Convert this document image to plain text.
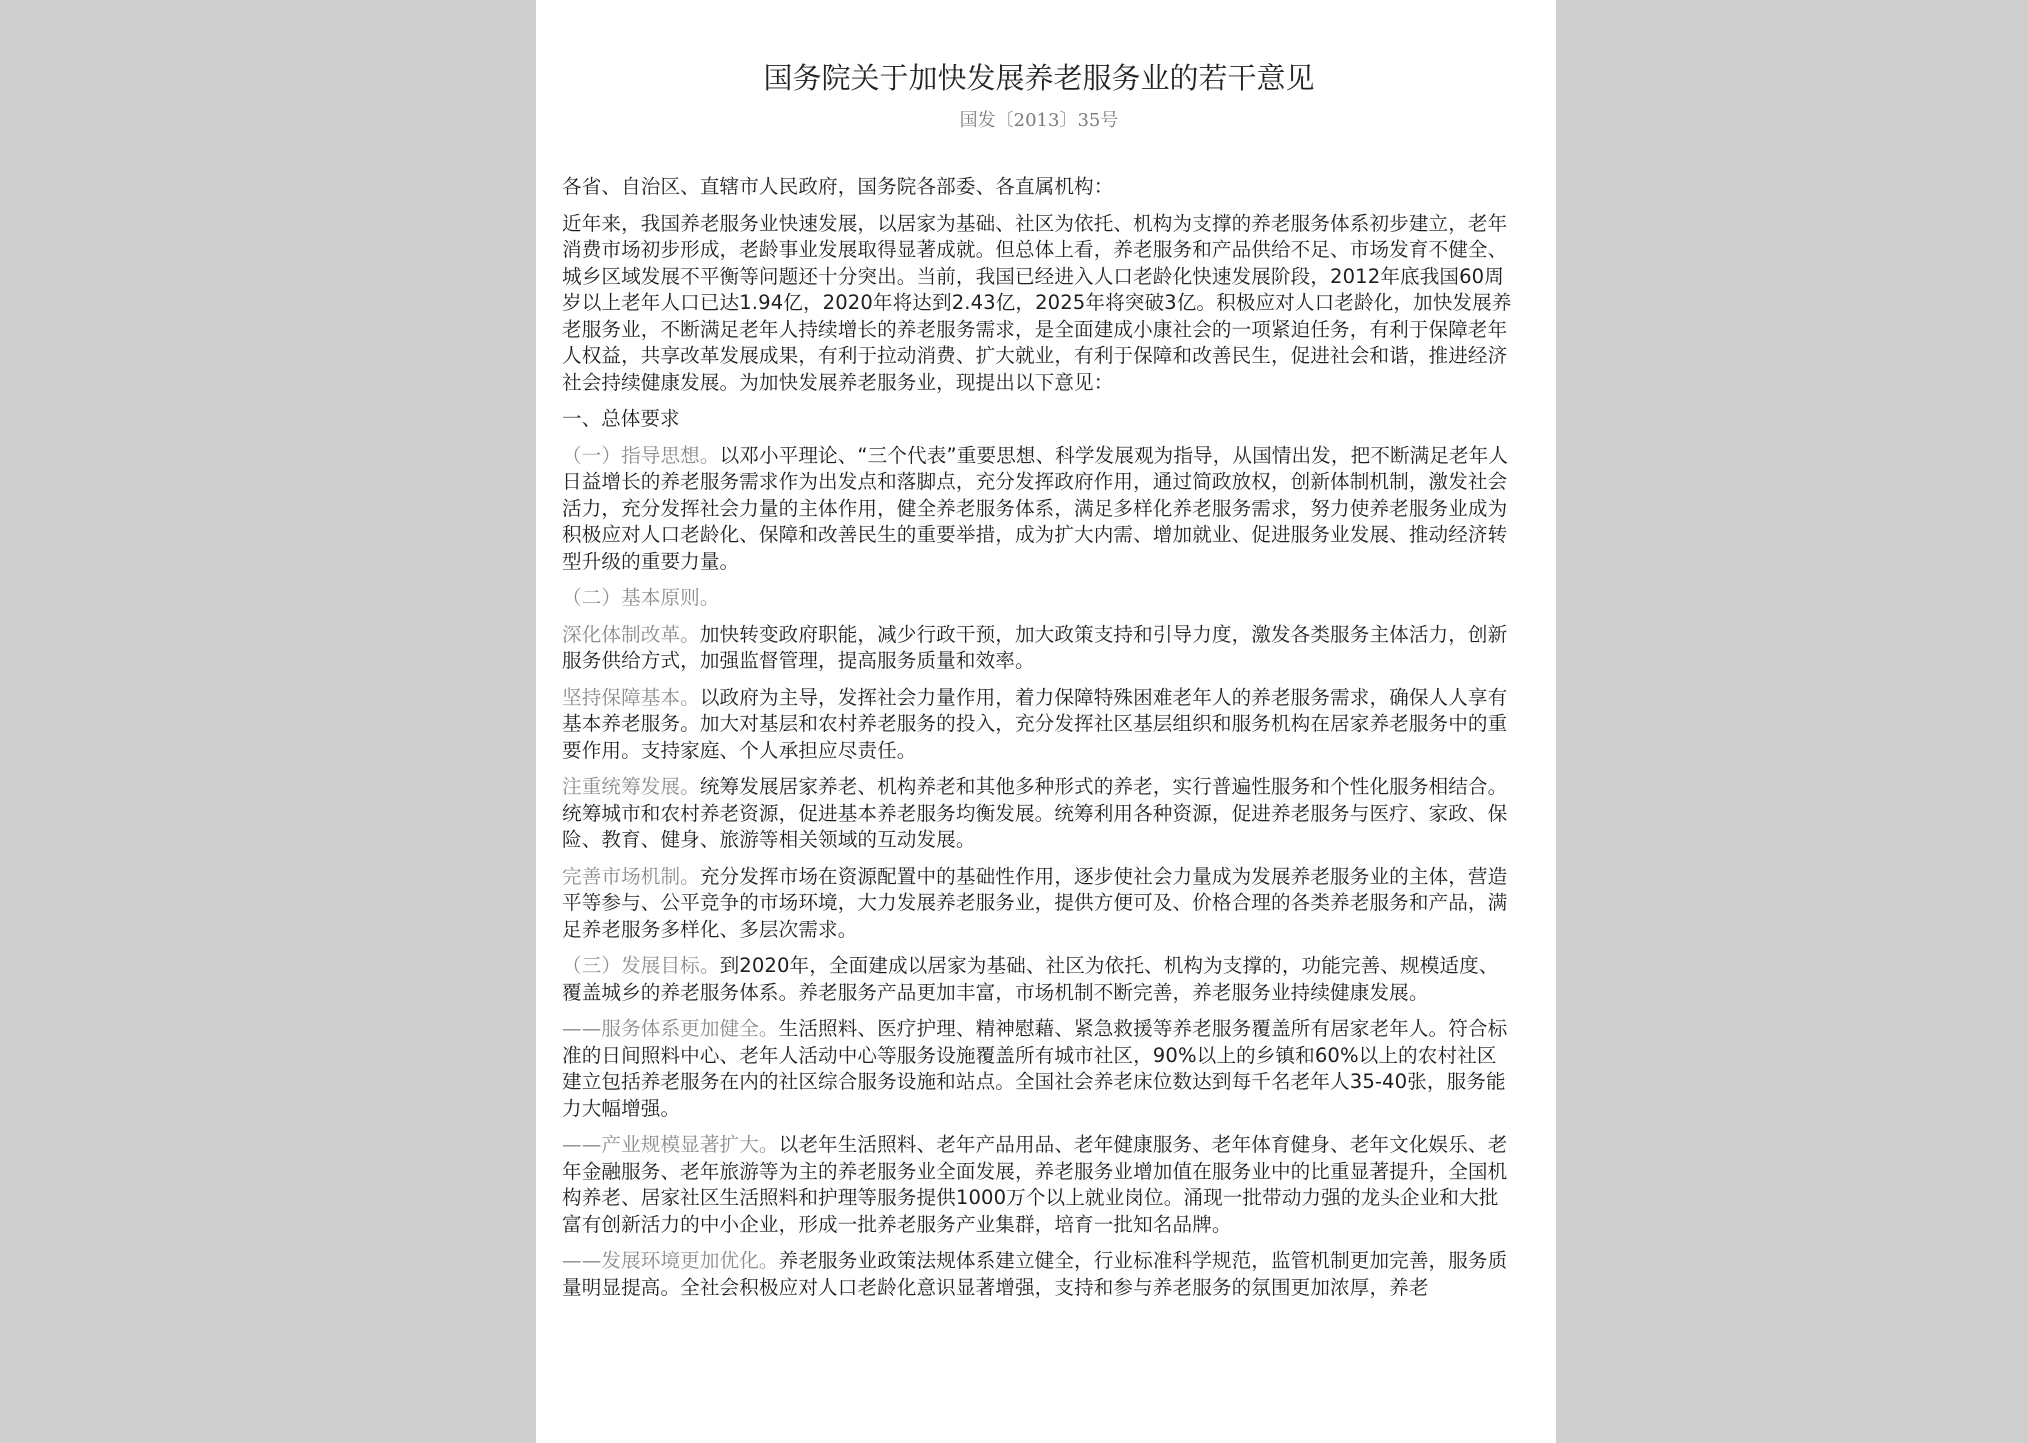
国务院关于加快发展养老服务业的若干意见
国发〔2013〕35号

各省、自治区、直辖市人民政府，国务院各部委、各直属机构：

近年来，我国养老服务业快速发展，以居家为基础、社区为依托、机构为支撑的养老服务体系初步建立，老年消费市场初步形成，老龄事业发展取得显著成就。但总体上看，养老服务和产品供给不足、市场发育不健全、城乡区域发展不平衡等问题还十分突出。当前，我国已经进入人口老龄化快速发展阶段，2012年底我国60周岁以上老年人口已达1.94亿，2020年将达到2.43亿，2025年将突破3亿。积极应对人口老龄化，加快发展养老服务业，不断满足老年人持续增长的养老服务需求，是全面建成小康社会的一项紧迫任务，有利于保障老年人权益，共享改革发展成果，有利于拉动消费、扩大就业，有利于保障和改善民生，促进社会和谐，推进经济社会持续健康发展。为加快发展养老服务业，现提出以下意见：

一、总体要求

（一）指导思想。以邓小平理论、“三个代表”重要思想、科学发展观为指导，从国情出发，把不断满足老年人日益增长的养老服务需求作为出发点和落脚点，充分发挥政府作用，通过简政放权，创新体制机制，激发社会活力，充分发挥社会力量的主体作用，健全养老服务体系，满足多样化养老服务需求，努力使养老服务业成为积极应对人口老龄化、保障和改善民生的重要举措，成为扩大内需、增加就业、促进服务业发展、推动经济转型升级的重要力量。

（二）基本原则。

深化体制改革。加快转变政府职能，减少行政干预，加大政策支持和引导力度，激发各类服务主体活力，创新服务供给方式，加强监督管理，提高服务质量和效率。

坚持保障基本。以政府为主导，发挥社会力量作用，着力保障特殊困难老年人的养老服务需求，确保人人享有基本养老服务。加大对基层和农村养老服务的投入，充分发挥社区基层组织和服务机构在居家养老服务中的重要作用。支持家庭、个人承担应尽责任。

注重统筹发展。统筹发展居家养老、机构养老和其他多种形式的养老，实行普遍性服务和个性化服务相结合。统筹城市和农村养老资源，促进基本养老服务均衡发展。统筹利用各种资源，促进养老服务与医疗、家政、保险、教育、健身、旅游等相关领域的互动发展。

完善市场机制。充分发挥市场在资源配置中的基础性作用，逐步使社会力量成为发展养老服务业的主体，营造平等参与、公平竞争的市场环境，大力发展养老服务业，提供方便可及、价格合理的各类养老服务和产品，满足养老服务多样化、多层次需求。

（三）发展目标。到2020年，全面建成以居家为基础、社区为依托、机构为支撑的，功能完善、规模适度、覆盖城乡的养老服务体系。养老服务产品更加丰富，市场机制不断完善，养老服务业持续健康发展。

——服务体系更加健全。生活照料、医疗护理、精神慰藉、紧急救援等养老服务覆盖所有居家老年人。符合标准的日间照料中心、老年人活动中心等服务设施覆盖所有城市社区，90%以上的乡镇和60%以上的农村社区建立包括养老服务在内的社区综合服务设施和站点。全国社会养老床位数达到每千名老年人35-40张，服务能力大幅增强。

——产业规模显著扩大。以老年生活照料、老年产品用品、老年健康服务、老年体育健身、老年文化娱乐、老年金融服务、老年旅游等为主的养老服务业全面发展，养老服务业增加值在服务业中的比重显著提升，全国机构养老、居家社区生活照料和护理等服务提供1000万个以上就业岗位。涌现一批带动力强的龙头企业和大批富有创新活力的中小企业，形成一批养老服务产业集群，培育一批知名品牌。

——发展环境更加优化。养老服务业政策法规体系建立健全，行业标准科学规范，监管机制更加完善，服务质量明显提高。全社会积极应对人口老龄化意识显著增强，支持和参与养老服务的氛围更加浓厚，养老
